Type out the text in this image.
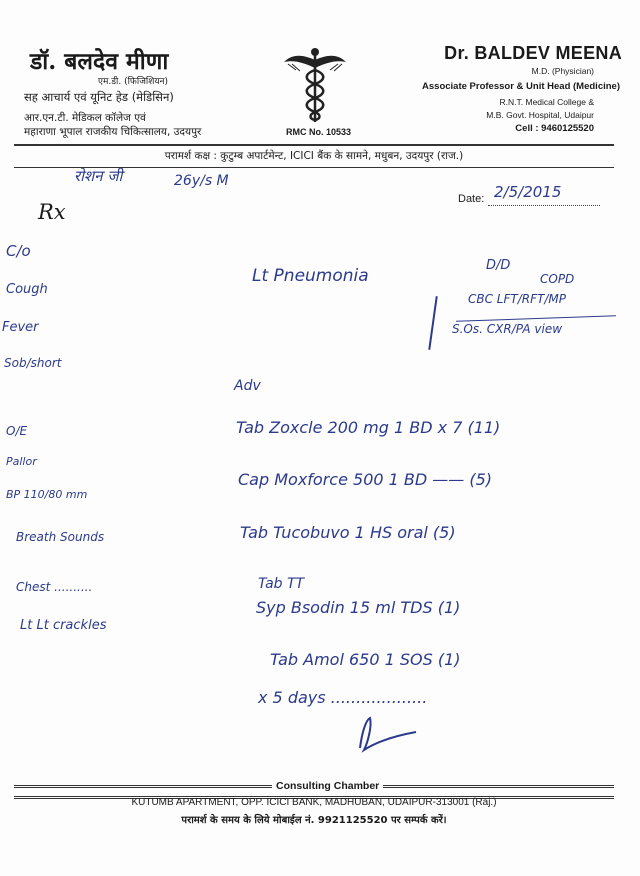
डॉ. बलदेव मीणा
एम.डी. (फिजिशियन)
सह आचार्य एवं यूनिट हेड (मेडिसिन)
आर.एन.टी. मेडिकल कॉलेज एवं
महाराणा भूपाल राजकीय चिकित्सालय, उदयपुर	RMC No. 10533
Dr. BALDEV MEENA
M.D. (Physician)
Associate Professor & Unit Head (Medicine)
R.N.T. Medical College &
M.B. Govt. Hospital, Udaipur
Cell : 9460125520
परामर्श कक्ष : कुटुम्ब अपार्टमेन्ट, ICICI बैंक के सामने, मधुबन, उदयपुर (राज.)
रोशन जी	26y/s M
Date: 2/5/2015
Rx
Lt Pneumonia
C/o
Cough
Fever
Sob/short
O/E
Pallor
BP 110/80 mm
Breath Sounds
Chest ..........
Lt Lt crackles
D/D
COPD
CBC LFT/RFT/MP
S.Os. CXR/PA view
Adv
Tab Zoxcle 200 mg 1 BD x 7 (11)
Cap Moxforce 500 1 BD —— (5)
Tab Tucobuvo 1 HS oral (5)
Tab TT
Syp Bsodin 15 ml TDS (1)
Tab Amol 650 1 SOS (1)
x 5 days ...................
Consulting Chamber
KUTUMB APARTMENT, OPP. ICICI BANK, MADHUBAN, UDAIPUR-313001 (Raj.)
परामर्श के समय के लिये मोबाईल नं. 9921125520 पर सम्पर्क करें।
